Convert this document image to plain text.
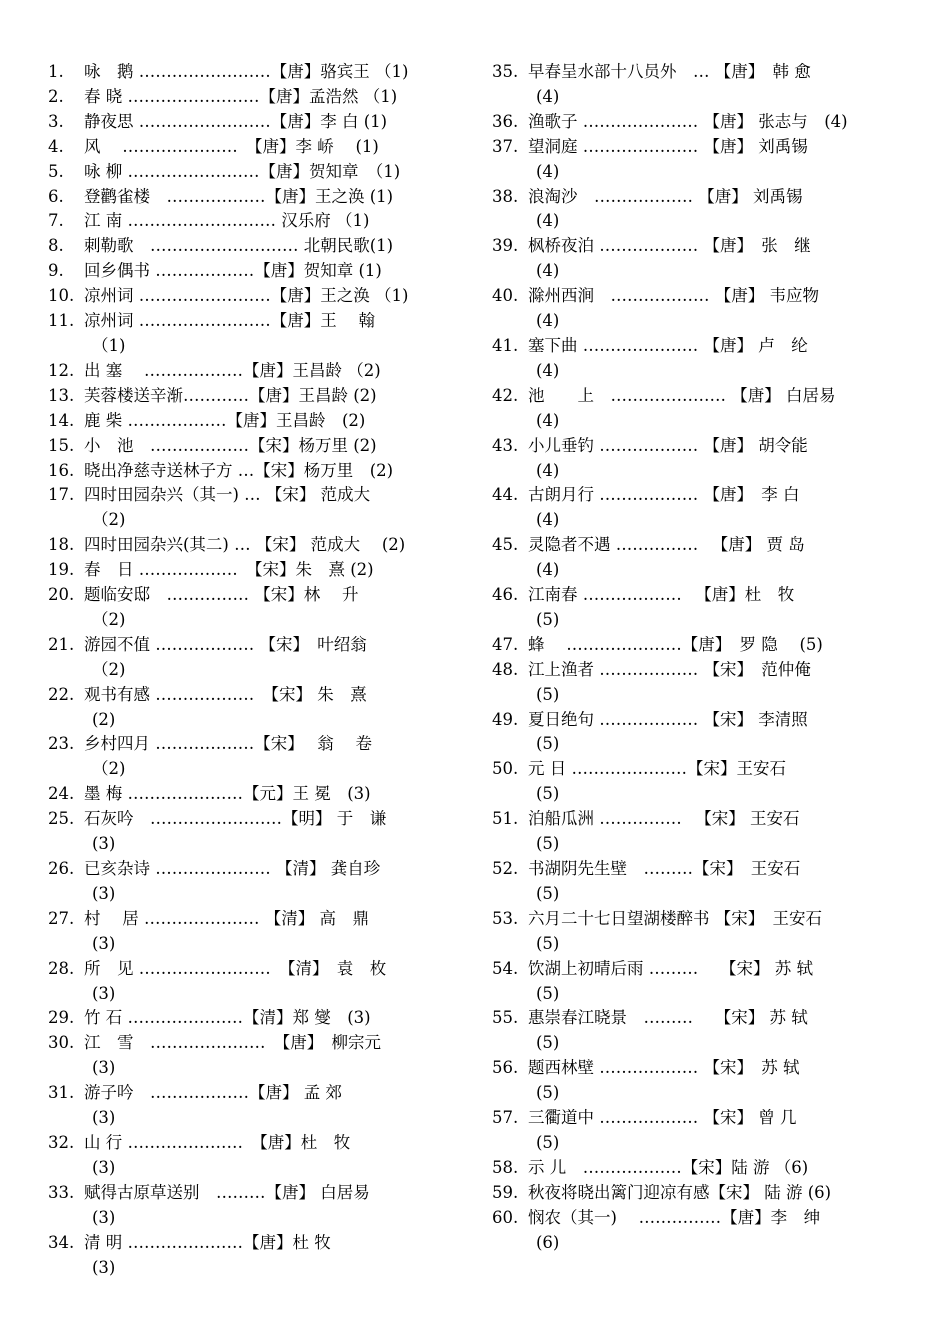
1.	咏　鹅 ……………………【唐】骆宾王 （1)
2.	春 晓 ……………………【唐】孟浩然 （1)
3.	静夜思 ……………………【唐】李 白 (1)
4.	风　 …………………　【唐】李 峤　 (1)
5.	咏 柳 ……………………【唐】贺知章　（1)
6.	登鹳雀楼　………………【唐】王之涣 (1)
7.	江 南 ……………………… 汉乐府 （1)
8.	刺勒歌　……………………… 北朝民歌(1)
9.	回乡偶书 ………………【唐】贺知章 (1)
10. 凉州词 ……………………【唐】王之涣 （1)
11. 凉州词 ……………………【唐】王　 翰
（1)
12. 出 塞　 ………………【唐】王昌龄 （2)
13. 芙蓉楼送辛渐…………【唐】王昌龄 (2)
14. 鹿 柴 ………………【唐】王昌龄　(2)
15. 小　池　………………【宋】杨万里 (2)
16. 晓出净慈寺送林子方 …【宋】杨万里　(2)
17. 四时田园杂兴（其一) … 【宋】 范成大
（2)
18. 四时田园杂兴(其二) … 【宋】 范成大　 (2)
19. 春　日 ………………　【宋】朱　熹 (2)
20. 题临安邸　…………… 【宋】林　 升
（2)
21. 游园不值 ……………… 【宋】　叶绍翁
（2)
22. 观书有感 ………………　【宋】 朱　熹
(2)
23. 乡村四月 ………………【宋】　 翁　 卷
（2)
24. 墨 梅 …………………【元】王 冕　(3)
25. 石灰吟　……………………【明】 于　谦
(3)
26. 已亥杂诗 ………………… 【清】 龚自珍
(3)
27. 村　 居 ………………… 【清】 高　鼎
(3)
28. 所　见 ……………………　【清】　袁　枚
(3)
29. 竹 石 …………………【清】郑 燮　(3)
30. 江　雪　…………………　【唐】　柳宗元
(3)
31. 游子吟　………………【唐】 孟 郊
(3)
32. 山 行 …………………　【唐】杜　牧
(3)
33. 赋得古原草送别　………【唐】 白居易
(3)
34. 清 明 …………………【唐】杜 牧
(3)
35. 早春呈水部十八员外　… 【唐】　韩 愈
(4)
36. 渔歌子 ………………… 【唐】 张志与　(4)
37. 望洞庭 ………………… 【唐】 刘禹锡
(4)
38. 浪淘沙　……………… 【唐】 刘禹锡
(4)
39. 枫桥夜泊 ……………… 【唐】　张　继
(4)
40. 滁州西涧　……………… 【唐】 韦应物
(4)
41. 塞下曲 ………………… 【唐】 卢　纶
(4)
42. 池　　上　………………… 【唐】 白居易
(4)
43. 小儿垂钓 ……………… 【唐】 胡令能
(4)
44. 古朗月行 ……………… 【唐】　李 白
(4)
45. 灵隐者不遇 …………… 　【唐】 贾 岛
(4)
46. 江南春 ……………… 　【唐】杜　牧
(5)
47. 蜂　 …………………【唐】　罗 隐　 (5)
48. 江上渔者 ……………… 【宋】　范仲俺
(5)
49. 夏日绝句 ……………… 【宋】 李清照
(5)
50. 元 日 …………………【宋】王安石
(5)
51. 泊船瓜洲 …………… 　【宋】 王安石
(5)
52. 书湖阴先生壁　………【宋】　王安石
(5)
53. 六月二十七日望湖楼醉书 【宋】　王安石
(5)
54. 饮湖上初晴后雨 ………　 【宋】 苏 轼
(5)
55. 惠崇春江晓景　………　 【宋】 苏 轼
(5)
56. 题西林壁 ……………… 【宋】　苏 轼
(5)
57. 三衢道中 ……………… 【宋】 曾 几
(5)
58. 示 儿　………………【宋】陆 游 （6)
59. 秋夜将晓出篱门迎凉有感【宋】 陆 游 (6)
60. 悯农（其一)　 ……………【唐】李　绅
(6)
